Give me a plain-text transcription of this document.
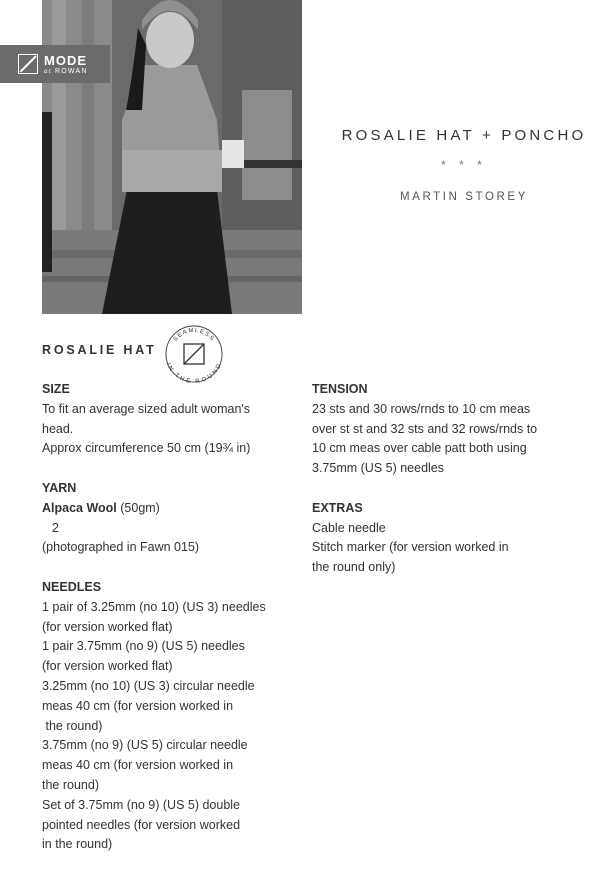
MODE
at ROWAN
ROSALIE HAT + PONCHO
* * *
MARTIN STOREY
ROSALIE HAT
SEAMLESS
IN THE ROUND
SIZE
To fit an average sized adult woman's
head.
Approx circumference 50 cm (19¾ in)
YARN
Alpaca Wool (50gm)
2
(photographed in Fawn 015)
NEEDLES
1 pair of 3.25mm (no 10) (US 3) needles
(for version worked flat)
1 pair 3.75mm (no 9) (US 5) needles
(for version worked flat)
3.25mm (no 10) (US 3) circular needle
meas 40 cm (for version worked in
the round)
3.75mm (no 9) (US 5) circular needle
meas 40 cm (for version worked in
the round)
Set of 3.75mm (no 9) (US 5) double
pointed needles (for version worked
in the round)
TENSION
23 sts and 30 rows/rnds to 10 cm meas
over st st and 32 sts and 32 rows/rnds to
10 cm meas over cable patt both using
3.75mm (US 5) needles
EXTRAS
Cable needle
Stitch marker (for version worked in
the round only)
